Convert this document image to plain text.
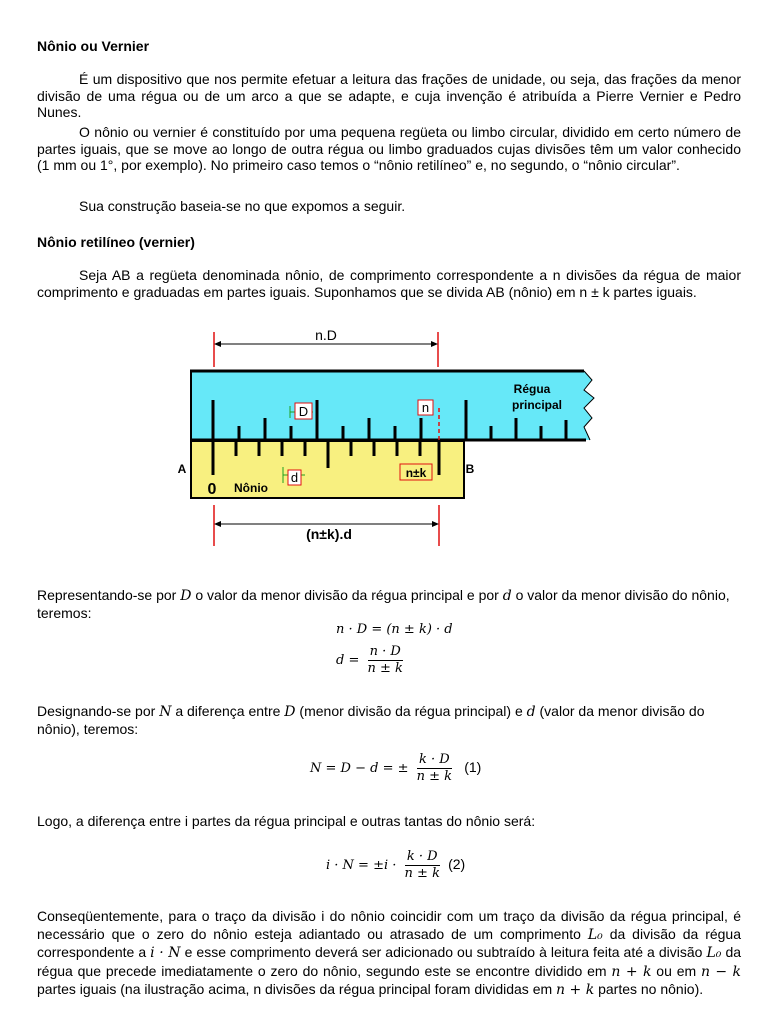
Nônio ou Vernier

É um dispositivo que nos permite efetuar a leitura das frações de unidade, ou seja, das frações da menor divisão de uma régua ou de um arco a que se adapte, e cuja invenção é atribuída a Pierre Vernier e Pedro Nunes.

O nônio ou vernier é constituído por uma pequena regüeta ou limbo circular, dividido em certo número de partes iguais, que se move ao longo de outra régua ou limbo graduados cujas divisões têm um valor conhecido (1 mm ou 1°, por exemplo). No primeiro caso temos o “nônio retilíneo” e, no segundo, o “nônio circular”.

Sua construção baseia-se no que expomos a seguir.

Nônio retilíneo (vernier)

Seja AB a regüeta denominada nônio, de comprimento correspondente a n divisões da régua de maior comprimento e graduadas em partes iguais. Suponhamos que se divida AB (nônio) em n ± k partes iguais.

n.D
Régua
principal
D	n
d	n±k
0 Nônio
A	B
(n±k).d

Representando-se por D o valor da menor divisão da régua principal e por d o valor da menor divisão do nônio, teremos:

n · D = (n ± k) · d
$d = \frac{n \cdot D}{n \pm k}$

Designando-se por N a diferença entre D (menor divisão da régua principal) e d (valor da menor divisão do nônio), teremos:

N = D − d = ± $\frac{k \cdot D}{n \pm k} (1)$

Logo, a diferença entre i partes da régua principal e outras tantas do nônio será:

$i \cdot N = \pm i \cdot \frac{k \cdot D}{n \pm k} (2)$

Conseqüentemente, para o traço da divisão i do nônio coincidir com um traço da divisão da régua principal, é necessário que o zero do nônio esteja adiantado ou atrasado de um comprimento L₀ da divisão da régua correspondente a i · N e esse comprimento deverá ser adicionado ou subtraído à leitura feita até a divisão L₀ da régua que precede imediatamente o zero do nônio, segundo este se encontre dividido em n + k ou em n − k partes iguais (na ilustração acima, n divisões da régua principal foram divididas em n + k partes no nônio).
